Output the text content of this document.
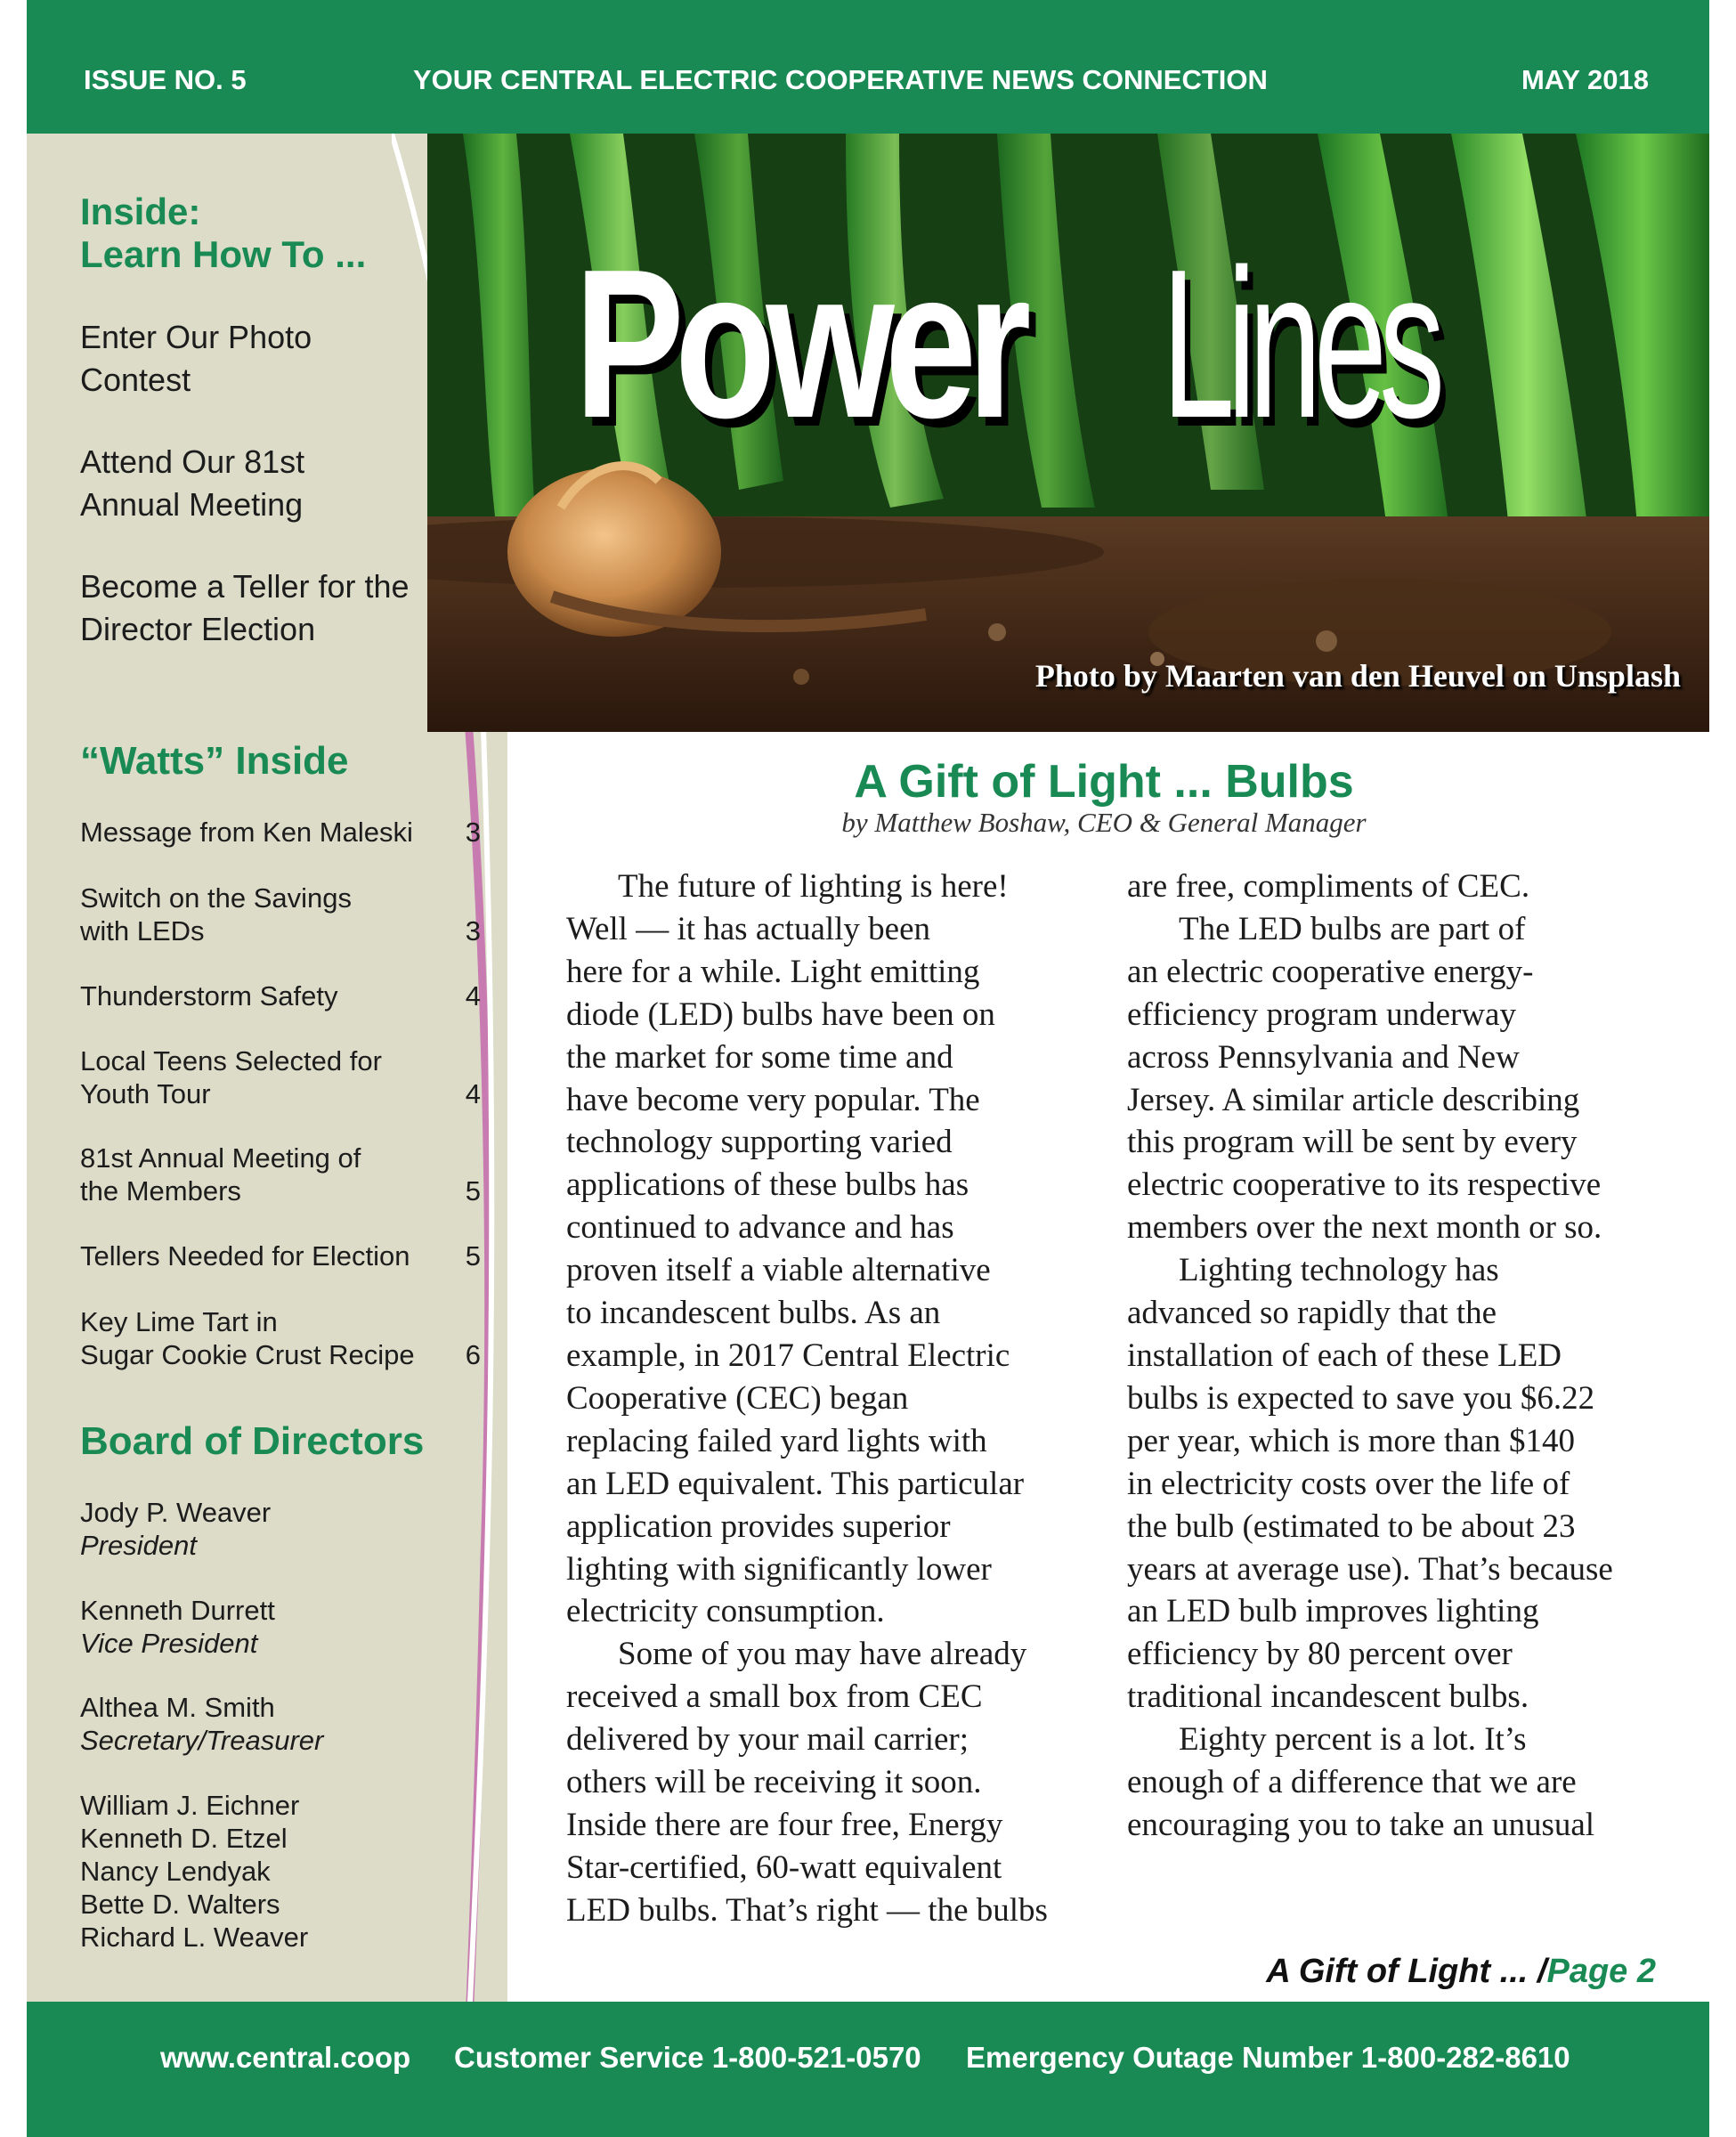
ISSUE NO. 5	YOUR CENTRAL ELECTRIC COOPERATIVE NEWS CONNECTION	MAY 2018
Inside:
Learn How To ...
Enter Our Photo
Contest
Attend Our 81st
Annual Meeting
Become a Teller for the
Director Election
“Watts” Inside
Message from Ken Maleski 3
Switch on the Savings
with LEDs	3
Thunderstorm Safety	4
Local Teens Selected for
Youth Tour	4
81st Annual Meeting of
the Members	5
Tellers Needed for Election 5
Key Lime Tart in
Sugar Cookie Crust Recipe	6
Board of Directors
Jody P. Weaver
President
Kenneth Durrett
Vice President
Althea M. Smith
Secretary/Treasurer
William J. Eichner
Kenneth D. Etzel
Nancy Lendyak
Bette D. Walters
Richard L. Weaver
Power Lines
Photo by Maarten van den Heuvel on Unsplash
A Gift of Light ... Bulbs
by Matthew Boshaw, CEO & General Manager
The future of lighting is here!
Well — it has actually been
here for a while. Light emitting
diode (LED) bulbs have been on
the market for some time and
have become very popular. The
technology supporting varied
applications of these bulbs has
continued to advance and has
proven itself a viable alternative
to incandescent bulbs. As an
example, in 2017 Central Electric
Cooperative (CEC) began
replacing failed yard lights with
an LED equivalent. This particular
application provides superior
lighting with significantly lower
electricity consumption.
Some of you may have already
received a small box from CEC
delivered by your mail carrier;
others will be receiving it soon.
Inside there are four free, Energy
Star-certified, 60-watt equivalent
LED bulbs. That’s right — the bulbs
are free, compliments of CEC.
The LED bulbs are part of
an electric cooperative energy-
efficiency program underway
across Pennsylvania and New
Jersey. A similar article describing
this program will be sent by every
electric cooperative to its respective
members over the next month or so.
Lighting technology has
advanced so rapidly that the
installation of each of these LED
bulbs is expected to save you $6.22
per year, which is more than $140
in electricity costs over the life of
the bulb (estimated to be about 23
years at average use). That’s because
an LED bulb improves lighting
efficiency by 80 percent over
traditional incandescent bulbs.
Eighty percent is a lot. It’s
enough of a difference that we are
encouraging you to take an unusual
A Gift of Light ... /Page 2
www.central.coop Customer Service 1-800-521-0570 Emergency Outage Number 1-800-282-8610
